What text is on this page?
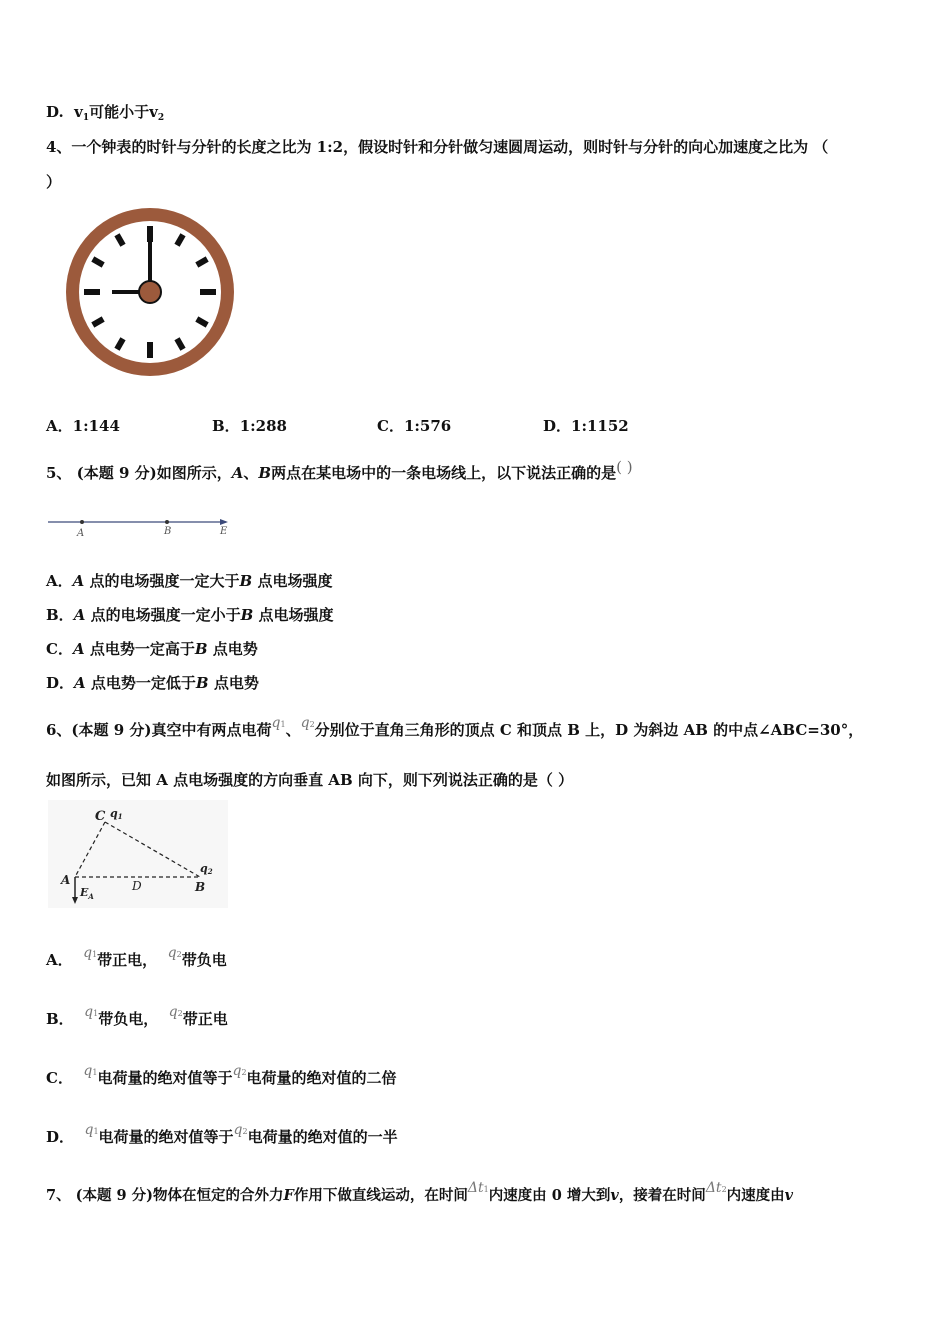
D. $v_1$可能小于$v_2$
4、一个钟表的时针与分针的长度之比为 1:2，假设时针和分针做匀速圆周运动，则时针与分针的向心加速度之比为 （
）
A．1:144	B．1:288	C．1:576	D．1:1152
5、 (本题 9 分)如图所示，A、B两点在某电场中的一条电场线上，以下说法正确的是( )
A	B	E
A．A 点的电场强度一定大于B 点电场强度
B．A 点的电场强度一定小于B 点电场强度
C．A 点电势一定高于B 点电势
D．A 点电势一定低于B 点电势
6、(本题 9 分)真空中有两点电荷q1、q2分别位于直角三角形的顶点 C 和顶点 B 上，D 为斜边 AB 的中点∠ABC=30°，
如图所示，已知 A 点电场强度的方向垂直 AB 向下，则下列说法正确的是（ ）
C q1
q2
A	D	B
$E_A$
A． q1带正电， q2带负电
B． q1带负电， q2带正电
C． q1电荷量的绝对值等于q2电荷量的绝对值的二倍
D． q1电荷量的绝对值等于q2电荷量的绝对值的一半
7、 (本题 9 分)物体在恒定的合外力F作用下做直线运动，在时间Δt1内速度由 0 增大到v，接着在时间Δt2内速度由v
